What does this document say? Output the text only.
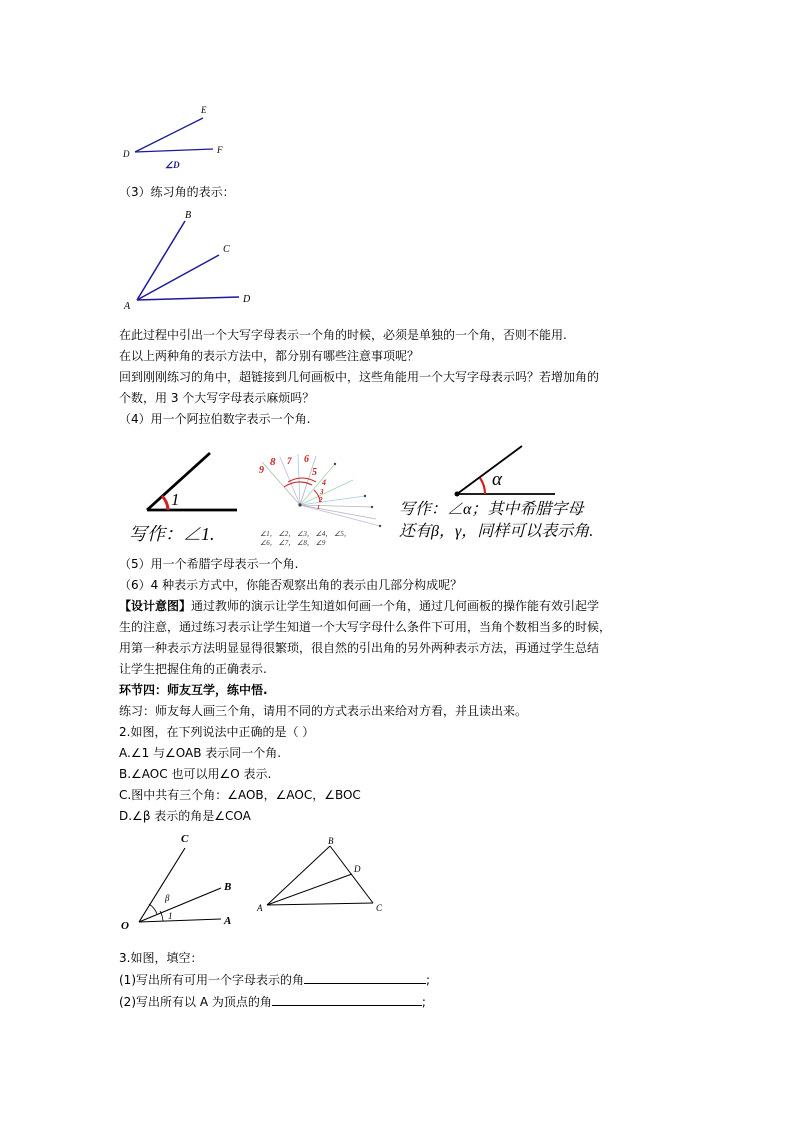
D
E
F
∠D
（3）练习角的表示：
B
C
A
D
在此过程中引出一个大写字母表示一个角的时候，必须是单独的一个角，否则不能用.
在以上两种角的表示方法中，都分别有哪些注意事项呢？
回到刚刚练习的角中，超链接到几何画板中，这些角能用一个大写字母表示吗？若增加角的
个数，用 3 个大写字母表示麻烦吗？
（4）用一个阿拉伯数字表示一个角.
1
写作：∠1.
9
8 7 6
5
4
3
2
1
∠1， ∠2， ∠3， ∠4， ∠5，
∠6， ∠7， ∠8， ∠9
α
写作：∠α；其中希腊字母
还有β，γ，同样可以表示角.
（5）用一个希腊字母表示一个角.
（6）4 种表示方式中，你能否观察出角的表示由几部分构成呢？
【设计意图】通过教师的演示让学生知道如何画一个角，通过几何画板的操作能有效引起学
生的注意，通过练习表示让学生知道一个大写字母什么条件下可用，当角个数相当多的时候，
用第一种表示方法明显显得很繁琐，很自然的引出角的另外两种表示方法，再通过学生总结
让学生把握住角的正确表示.
环节四：师友互学，练中悟.
练习：师友每人画三个角，请用不同的方式表示出来给对方看，并且读出来。
2.如图，在下列说法中正确的是（ ）
A.∠1 与∠OAB 表示同一个角.
B.∠AOC 也可以用∠O 表示.
C.图中共有三个角：∠AOB，∠AOC，∠BOC
D.∠β 表示的角是∠COA
C
B
O	A
β
1
B
D
A	C
3.如图，填空：
(1)写出所有可用一个字母表示的角	;
(2)写出所有以 A 为顶点的角	;
